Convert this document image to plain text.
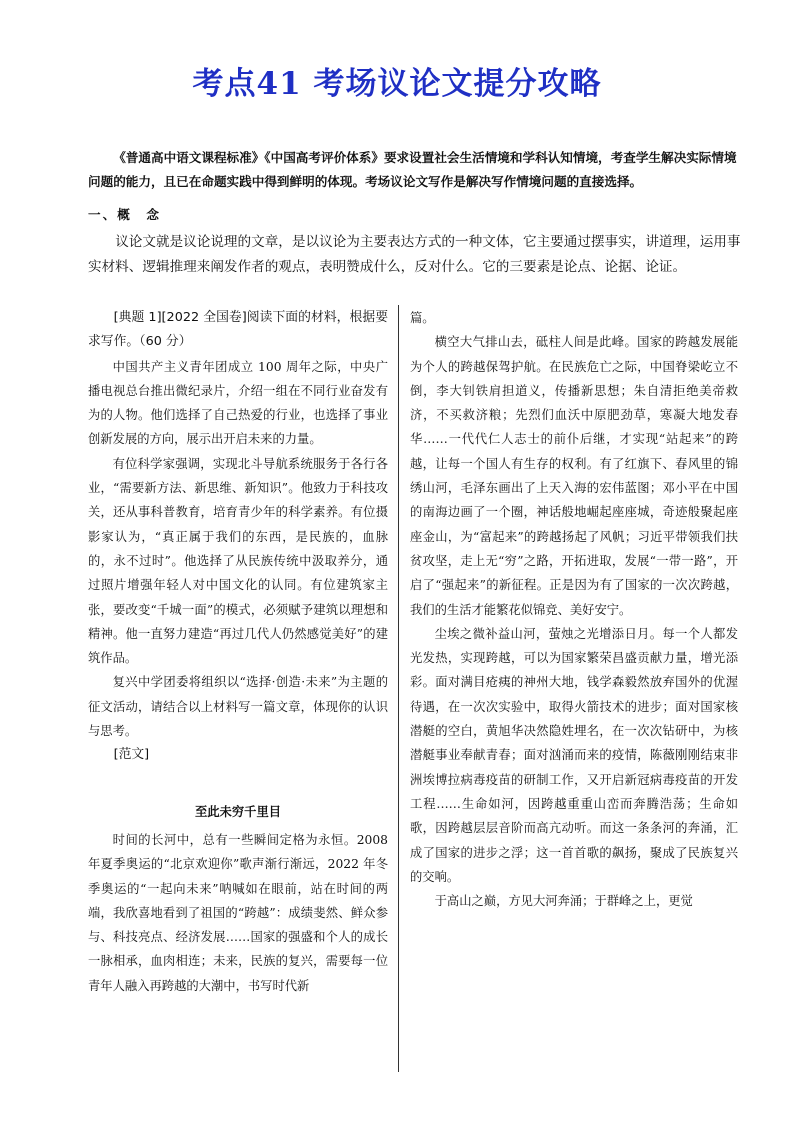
考点41 考场议论文提分攻略

《普通高中语文课程标准》《中国高考评价体系》要求设置社会生活情境和学科认知情境，考查学生解决实际情境问题的能力，且已在命题实践中得到鲜明的体现。考场议论文写作是解决写作情境问题的直接选择。

一、概　念

议论文就是议论说理的文章，是以议论为主要表达方式的一种文体，它主要通过摆事实，讲道理，运用事实材料、逻辑推理来阐发作者的观点，表明赞成什么，反对什么。它的三要素是论点、论据、论证。

[典题 1][2022 全国卷]阅读下面的材料，根据要求写作。（60 分）

中国共产主义青年团成立 100 周年之际，中央广播电视总台推出微纪录片，介绍一组在不同行业奋发有为的人物。他们选择了自己热爱的行业，也选择了事业创新发展的方向，展示出开启未来的力量。

有位科学家强调，实现北斗导航系统服务于各行各业，“需要新方法、新思维、新知识”。他致力于科技攻关，还从事科普教育，培育青少年的科学素养。有位摄影家认为，“真正属于我们的东西，是民族的，血脉的，永不过时”。他选择了从民族传统中汲取养分，通过照片增强年轻人对中国文化的认同。有位建筑家主张，要改变“千城一面”的模式，必须赋予建筑以理想和精神。他一直努力建造“再过几代人仍然感觉美好”的建筑作品。

复兴中学团委将组织以“选择·创造·未来”为主题的征文活动，请结合以上材料写一篇文章，体现你的认识与思考。

[范文]

至此未穷千里目

时间的长河中，总有一些瞬间定格为永恒。2008 年夏季奥运的“北京欢迎你”歌声渐行渐远，2022 年冬季奥运的“一起向未来”呐喊如在眼前，站在时间的两端，我欣喜地看到了祖国的“跨越”：成绩斐然、鲜众参与、科技亮点、经济发展……国家的强盛和个人的成长一脉相承，血肉相连；未来，民族的复兴，需要每一位青年人融入再跨越的大潮中，书写时代新

篇。

横空大气排山去，砥柱人间是此峰。国家的跨越发展能为个人的跨越保驾护航。在民族危亡之际，中国脊梁屹立不倒，李大钊铁肩担道义，传播新思想；朱自清拒绝美帝救济，不买救济粮；先烈们血沃中原肥劲草，寒凝大地发春华……一代代仁人志士的前仆后继，才实现“站起来”的跨越，让每一个国人有生存的权利。有了红旗下、春风里的锦绣山河，毛泽东画出了上天入海的宏伟蓝图；邓小平在中国的南海边画了一个圈，神话般地崛起座座城，奇迹般聚起座座金山，为“富起来”的跨越扬起了风帆；习近平带领我们扶贫攻坚，走上无“穷”之路，开拓进取，发展“一带一路”，开启了“强起来”的新征程。正是因为有了国家的一次次跨越，我们的生活才能繁花似锦竞、美好安宁。

尘埃之微补益山河，萤烛之光增添日月。每一个人都发光发热，实现跨越，可以为国家繁荣昌盛贡献力量，增光添彩。面对满目疮痍的神州大地，钱学森毅然放弃国外的优渥待遇，在一次次实验中，取得火箭技术的进步；面对国家核潜艇的空白，黄旭华决然隐姓埋名，在一次次钻研中，为核潜艇事业奉献青春；面对汹涌而来的疫情，陈薇刚刚结束非洲埃博拉病毒疫苗的研制工作，又开启新冠病毒疫苗的开发工程……生命如河，因跨越重重山峦而奔腾浩荡；生命如歌，因跨越层层音阶而高亢动听。而这一条条河的奔涌，汇成了国家的进步之浮；这一首首歌的飙扬，聚成了民族复兴的交响。

于高山之巅，方见大河奔涌；于群峰之上，更觉
